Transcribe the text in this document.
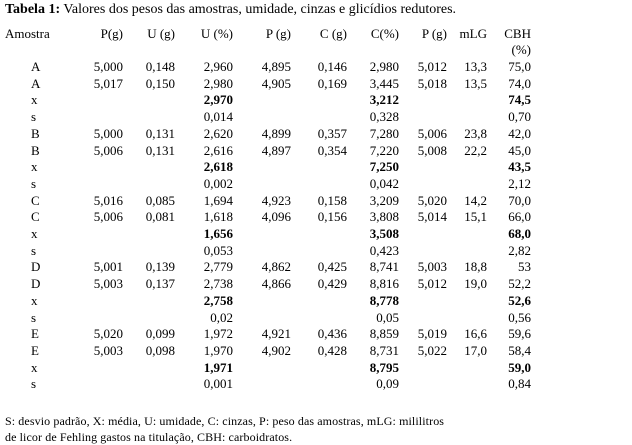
Tabela 1: Valores dos pesos das amostras, umidade, cinzas e glicídios redutores.
Amostra	P(g)	U (g)	U (%)	P (g)	C (g)	C(%)	P (g)	mLG	CBH
									(%)
A	5,000	0,148	2,960	4,895	0,146	2,980	5,012	13,3	75,0
A	5,017	0,150	2,980	4,905	0,169	3,445	5,018	13,5	74,0
x			2,970			3,212			74,5
s			0,014			0,328			0,70
B	5,000	0,131	2,620	4,899	0,357	7,280	5,006	23,8	42,0
B	5,006	0,131	2,616	4,897	0,354	7,220	5,008	22,2	45,0
x			2,618			7,250			43,5
s			0,002			0,042			2,12
C	5,016	0,085	1,694	4,923	0,158	3,209	5,020	14,2	70,0
C	5,006	0,081	1,618	4,096	0,156	3,808	5,014	15,1	66,0
x			1,656			3,508			68,0
s			0,053			0,423			2,82
D	5,001	0,139	2,779	4,862	0,425	8,741	5,003	18,8	53
D	5,003	0,137	2,738	4,866	0,429	8,816	5,012	19,0	52,2
x			2,758			8,778			52,6
s			0,02			0,05			0,56
E	5,020	0,099	1,972	4,921	0,436	8,859	5,019	16,6	59,6
E	5,003	0,098	1,970	4,902	0,428	8,731	5,022	17,0	58,4
x			1,971			8,795			59,0
s			0,001			0,09			0,84
S: desvio padrão, X: média, U: umidade, C: cinzas, P: peso das amostras, mLG: mililitros
de licor de Fehling gastos na titulação, CBH: carboidratos.
